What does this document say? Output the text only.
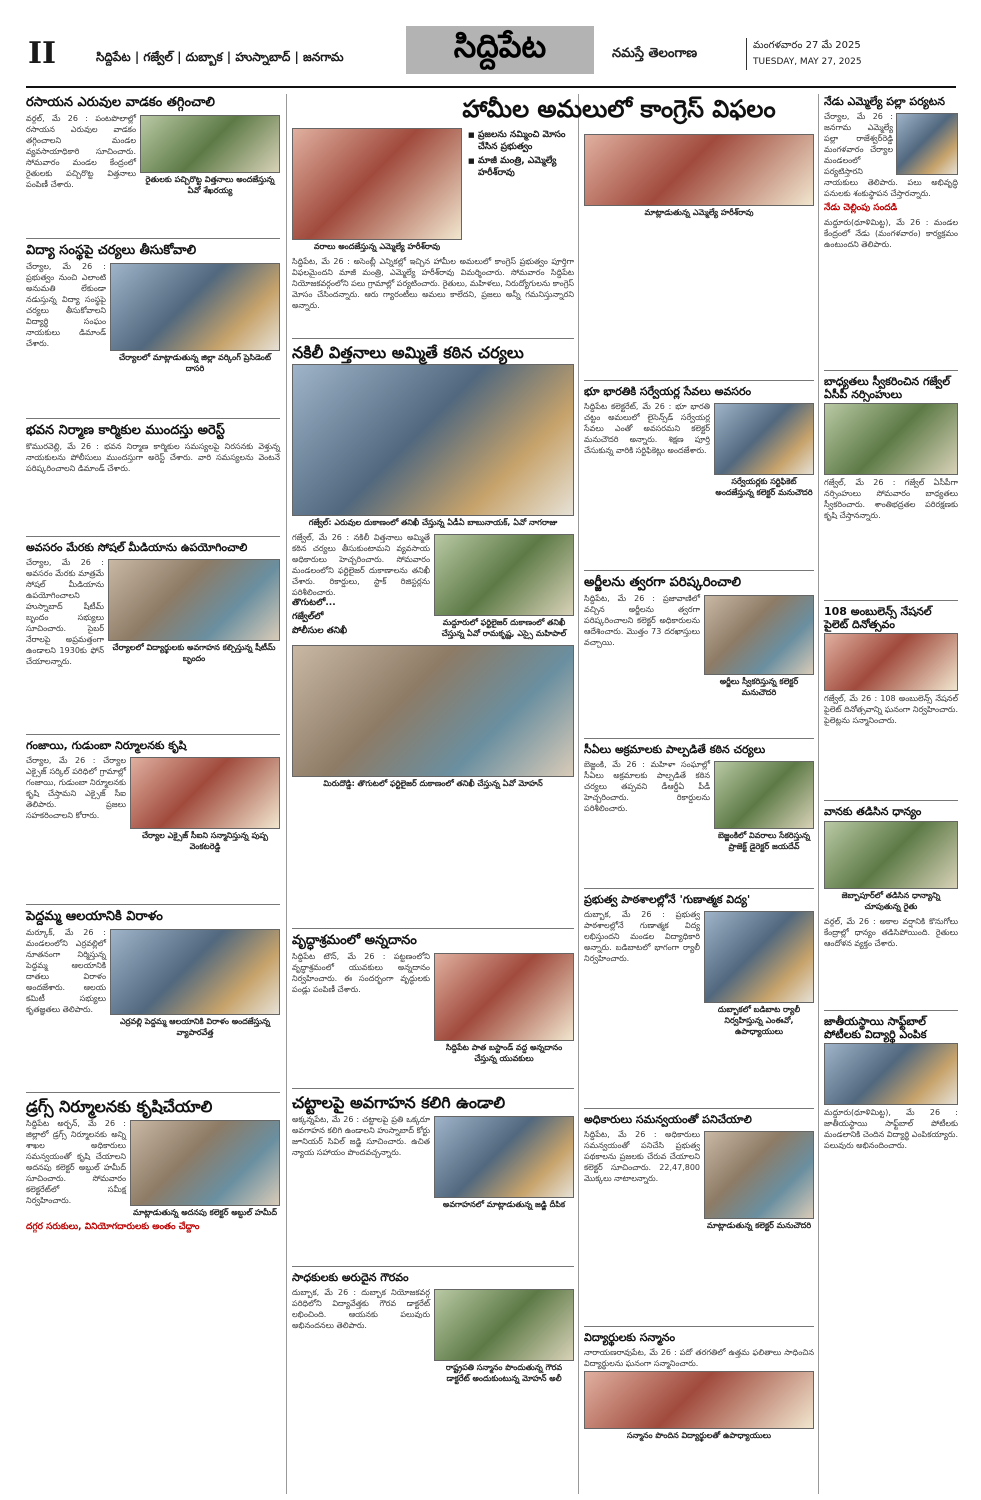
II	సిద్దిపేట | గజ్వేల్ | దుబ్బాక | హుస్నాబాద్ | జనగామ	సిద్దిపేట	నమస్తే తెలంగాణ
మంగళవారం 27 మే 2025
TUESDAY, MAY 27, 2025
రసాయన ఎరువుల వాడకం తగ్గించాలి

వర్గల్, మే 26 : పంటపొలాల్లో రసాయన ఎరువుల వాడకం తగ్గించాలని మండల వ్యవసాయాధికారి సూచించారు. సోమవారం మండల కేంద్రంలో రైతులకు పచ్చిరొట్ట విత్తనాలు పంపిణీ చేశారు.

రైతులకు పచ్చిరొట్ట విత్తనాలు అందజేస్తున్న ఏవో శేఖరయ్య
విద్యా సంస్థపై చర్యలు తీసుకోవాలి

చేర్యాల, మే 26 : ప్రభుత్వం నుంచి ఎలాంటి అనుమతి లేకుండా నడుస్తున్న విద్యా సంస్థపై చర్యలు తీసుకోవాలని విద్యార్థి సంఘం నాయకులు డిమాండ్ చేశారు.

చేర్యాలలో మాట్లాడుతున్న జిల్లా వర్కింగ్ ప్రెసిడెంట్ దాసరి
భవన నిర్మాణ కార్మికుల ముందస్తు అరెస్ట్

కొమురవెల్లి, మే 26 : భవన నిర్మాణ కార్మికుల సమస్యలపై నిరసనకు వెళ్తున్న నాయకులను పోలీసులు ముందస్తుగా అరెస్ట్ చేశారు. వారి సమస్యలను వెంటనే పరిష్కరించాలని డిమాండ్ చేశారు.

అవసరం మేరకు సోషల్ మీడియాను ఉపయోగించాలి

చేర్యాల, మే 26 : అవసరం మేరకు మాత్రమే సోషల్ మీడియాను ఉపయోగించాలని హుస్నాబాద్ షీటీమ్ బృందం సభ్యులు సూచించారు. సైబర్ నేరాలపై అప్రమత్తంగా ఉండాలని 1930కు ఫోన్ చేయాలన్నారు.

చేర్యాలలో విద్యార్థులకు అవగాహన కల్పిస్తున్న షీటీమ్ బృందం
గంజాయి, గుడుంబా నిర్మూలనకు కృషి

చేర్యాల, మే 26 : చేర్యాల ఎక్సైజ్ సర్కిల్ పరిధిలో గ్రామాల్లో గంజాయి, గుడుంబా నిర్మూలనకు కృషి చేస్తామని ఎక్సైజ్ సీఐ తెలిపారు. ప్రజలు సహకరించాలని కోరారు.

చేర్యాల ఎక్సైజ్ సీఐని సన్మానిస్తున్న పుష్ప వెంకటరెడ్డి
పెద్దమ్మ ఆలయానికి విరాళం

మర్కూక్, మే 26 : మండలంలోని ఎర్రవల్లిలో నూతనంగా నిర్మిస్తున్న పెద్దమ్మ ఆలయానికి దాతలు విరాళం అందజేశారు. ఆలయ కమిటీ సభ్యులు కృతజ్ఞతలు తెలిపారు.

ఎర్రవల్లి పెద్దమ్మ ఆలయానికి విరాళం అందజేస్తున్న వ్యాపారవేత్త
డ్రగ్స్ నిర్మూలనకు కృషిచేయాలి

సిద్దిపేట అర్బన్, మే 26 : జిల్లాలో డ్రగ్స్ నిర్మూలనకు అన్ని శాఖల అధికారులు సమన్వయంతో కృషి చేయాలని అదనపు కలెక్టర్ అబ్దుల్ హమీద్ సూచించారు. సోమవారం కలెక్టరేట్‌లో సమీక్ష నిర్వహించారు.

మాట్లాడుతున్న అదనపు కలెక్టర్ అబ్దుల్ హమీద్
దగ్గర సరుకులు, వినియోగదారులకు అంతం చేద్దాం
హామీల అమలులో కాంగ్రెస్ విఫలం
వరాలు అందజేస్తున్న ఎమ్మెల్యే హరీశ్‌రావు
■ ప్రజలను నమ్మించి మోసం చేసిన ప్రభుత్వం
■ మాజీ మంత్రి, ఎమ్మెల్యే హరీశ్‌రావు

సిద్దిపేట, మే 26 : అసెంబ్లీ ఎన్నికల్లో ఇచ్చిన హామీల అమలులో కాంగ్రెస్ ప్రభుత్వం పూర్తిగా విఫలమైందని మాజీ మంత్రి, ఎమ్మెల్యే హరీశ్‌రావు విమర్శించారు. సోమవారం సిద్దిపేట నియోజకవర్గంలోని పలు గ్రామాల్లో పర్యటించారు. రైతులు, మహిళలు, నిరుద్యోగులను కాంగ్రెస్ మోసం చేసిందన్నారు. ఆరు గ్యారంటీలు అమలు కాలేదని, ప్రజలు అన్నీ గమనిస్తున్నారని అన్నారు.

నకిలీ విత్తనాలు అమ్మితే కఠిన చర్యలు
గజ్వేల్: ఎరువుల దుకాణంలో తనిఖీ చేస్తున్న ఏడీఏ బాబునాయక్, ఏవో నాగరాజు

గజ్వేల్, మే 26 : నకిలీ విత్తనాలు అమ్మితే కఠిన చర్యలు తీసుకుంటామని వ్యవసాయ అధికారులు హెచ్చరించారు. సోమవారం మండలంలోని ఫర్టిలైజర్ దుకాణాలను తనిఖీ చేశారు. రికార్డులు, స్టాక్ రిజిస్టర్లను పరిశీలించారు.

తొగుటలో...
గజ్వేల్‌లో
పోలీసుల తనిఖీ
మద్దూరులో ఫర్టిలైజర్ దుకాణంలో తనిఖీ చేస్తున్న ఏవో రామకృష్ణ, ఎస్సై మహిపాల్
మిరుదొడ్డి: తొగుటలో ఫర్టిలైజర్ దుకాణంలో తనిఖీ చేస్తున్న ఏవో మోహన్
వృద్ధాశ్రమంలో అన్నదానం

సిద్దిపేట టౌన్, మే 26 : పట్టణంలోని వృద్ధాశ్రమంలో యువకులు అన్నదానం నిర్వహించారు. ఈ సందర్భంగా వృద్ధులకు పండ్లు పంపిణీ చేశారు.

సిద్దిపేట పాత బస్టాండ్ వద్ద అన్నదానం చేస్తున్న యువకులు
చట్టాలపై అవగాహన కలిగి ఉండాలి

అక్కన్నపేట, మే 26 : చట్టాలపై ప్రతి ఒక్కరూ అవగాహన కలిగి ఉండాలని హుస్నాబాద్ కోర్టు జూనియర్ సివిల్ జడ్జి సూచించారు. ఉచిత న్యాయ సహాయం పొందవచ్చన్నారు.

అవగాహనలో మాట్లాడుతున్న జడ్జి దీపిక
సాధకులకు అరుదైన గౌరవం

దుబ్బాక, మే 26 : దుబ్బాక నియోజకవర్గ పరిధిలోని విద్యావేత్తకు గౌరవ డాక్టరేట్ లభించింది. ఆయనకు పలువురు అభినందనలు తెలిపారు.

రాష్ట్రపతి సన్మానం పొందుతున్న గౌరవ డాక్టరేట్ అందుకుంటున్న మోహన్ అలీ
మాట్లాడుతున్న ఎమ్మెల్యే హరీశ్‌రావు

భూ భారతికి సర్వేయర్ల సేవలు అవసరం

సిద్దిపేట కలెక్టరేట్, మే 26 : భూ భారతి చట్టం అమలులో లైసెన్స్‌డ్ సర్వేయర్ల సేవలు ఎంతో అవసరమని కలెక్టర్ మనుచౌదరి అన్నారు. శిక్షణ పూర్తి చేసుకున్న వారికి సర్టిఫికెట్లు అందజేశారు.

సర్వేయర్లకు సర్టిఫికెట్ అందజేస్తున్న కలెక్టర్ మనుచౌదరి
అర్జీలను త్వరగా పరిష్కరించాలి

సిద్దిపేట, మే 26 : ప్రజావాణిలో వచ్చిన అర్జీలను త్వరగా పరిష్కరించాలని కలెక్టర్ అధికారులను ఆదేశించారు. మొత్తం 73 దరఖాస్తులు వచ్చాయి.

అర్జీలు స్వీకరిస్తున్న కలెక్టర్ మనుచౌదరి
సీఏలు అక్రమాలకు పాల్పడితే కఠిన చర్యలు

బెజ్జంకి, మే 26 : మహిళా సంఘాల్లో సీఏలు అక్రమాలకు పాల్పడితే కఠిన చర్యలు తప్పవని డీఆర్డీఏ పీడీ హెచ్చరించారు. రికార్డులను పరిశీలించారు.

బెజ్జంకిలో వివరాలు సేకరిస్తున్న ప్రాజెక్ట్ డైరెక్టర్ జయదేవ్
ప్రభుత్వ పాఠశాలల్లోనే 'గుణాత్మక విద్య'

దుబ్బాక, మే 26 : ప్రభుత్వ పాఠశాలల్లోనే గుణాత్మక విద్య లభిస్తుందని మండల విద్యాధికారి అన్నారు. బడిబాటలో భాగంగా ర్యాలీ నిర్వహించారు.

దుబ్బాకలో బడిబాట ర్యాలీ నిర్వహిస్తున్న ఎంఈవో, ఉపాధ్యాయులు
అధికారులు సమన్వయంతో పనిచేయాలి

సిద్దిపేట, మే 26 : అధికారులు సమన్వయంతో పనిచేసి ప్రభుత్వ పథకాలను ప్రజలకు చేరువ చేయాలని కలెక్టర్ సూచించారు. 22,47,800 మొక్కలు నాటాలన్నారు.

మాట్లాడుతున్న కలెక్టర్ మనుచౌదరి
విద్యార్థులకు సన్మానం

నారాయణరావుపేట, మే 26 : పదో తరగతిలో ఉత్తమ ఫలితాలు సాధించిన విద్యార్థులను ఘనంగా సన్మానించారు.

సన్మానం పొందిన విద్యార్థులతో ఉపాధ్యాయులు
నేడు ఎమ్మెల్యే పల్లా పర్యటన

చేర్యాల, మే 26 : జనగామ ఎమ్మెల్యే పల్లా రాజేశ్వర్‌రెడ్డి మంగళవారం చేర్యాల మండలంలో పర్యటిస్తారని నాయకులు తెలిపారు. పలు అభివృద్ధి పనులకు శంకుస్థాపన చేస్తారన్నారు.

నేడు చెల్లింపు సందడి

మద్దూరు(ధూళిమిట్ట), మే 26 : మండల కేంద్రంలో నేడు (మంగళవారం) కార్యక్రమం ఉంటుందని తెలిపారు.

బాధ్యతలు స్వీకరించిన గజ్వేల్ ఏసీపీ నర్సింహులు

గజ్వేల్, మే 26 : గజ్వేల్ ఏసీపీగా నర్సింహులు సోమవారం బాధ్యతలు స్వీకరించారు. శాంతిభద్రతల పరిరక్షణకు కృషి చేస్తానన్నారు.

108 అంబులెన్స్ నేషనల్ పైలెట్ దినోత్సవం

గజ్వేల్, మే 26 : 108 అంబులెన్స్ నేషనల్ పైలెట్ దినోత్సవాన్ని ఘనంగా నిర్వహించారు. పైలెట్లను సన్మానించారు.

వానకు తడిసిన ధాన్యం
జెబ్బాపూర్‌లో తడిసిన ధాన్యాన్ని చూపుతున్న రైతు

వర్గల్, మే 26 : అకాల వర్షానికి కొనుగోలు కేంద్రాల్లో ధాన్యం తడిసిపోయింది. రైతులు ఆందోళన వ్యక్తం చేశారు.

జాతీయస్థాయి సాఫ్ట్‌బాల్ పోటీలకు విద్యార్థి ఎంపిక

మద్దూరు(ధూళిమిట్ట), మే 26 : జాతీయస్థాయి సాఫ్ట్‌బాల్ పోటీలకు మండలానికి చెందిన విద్యార్థి ఎంపికయ్యారు. పలువురు అభినందించారు.
